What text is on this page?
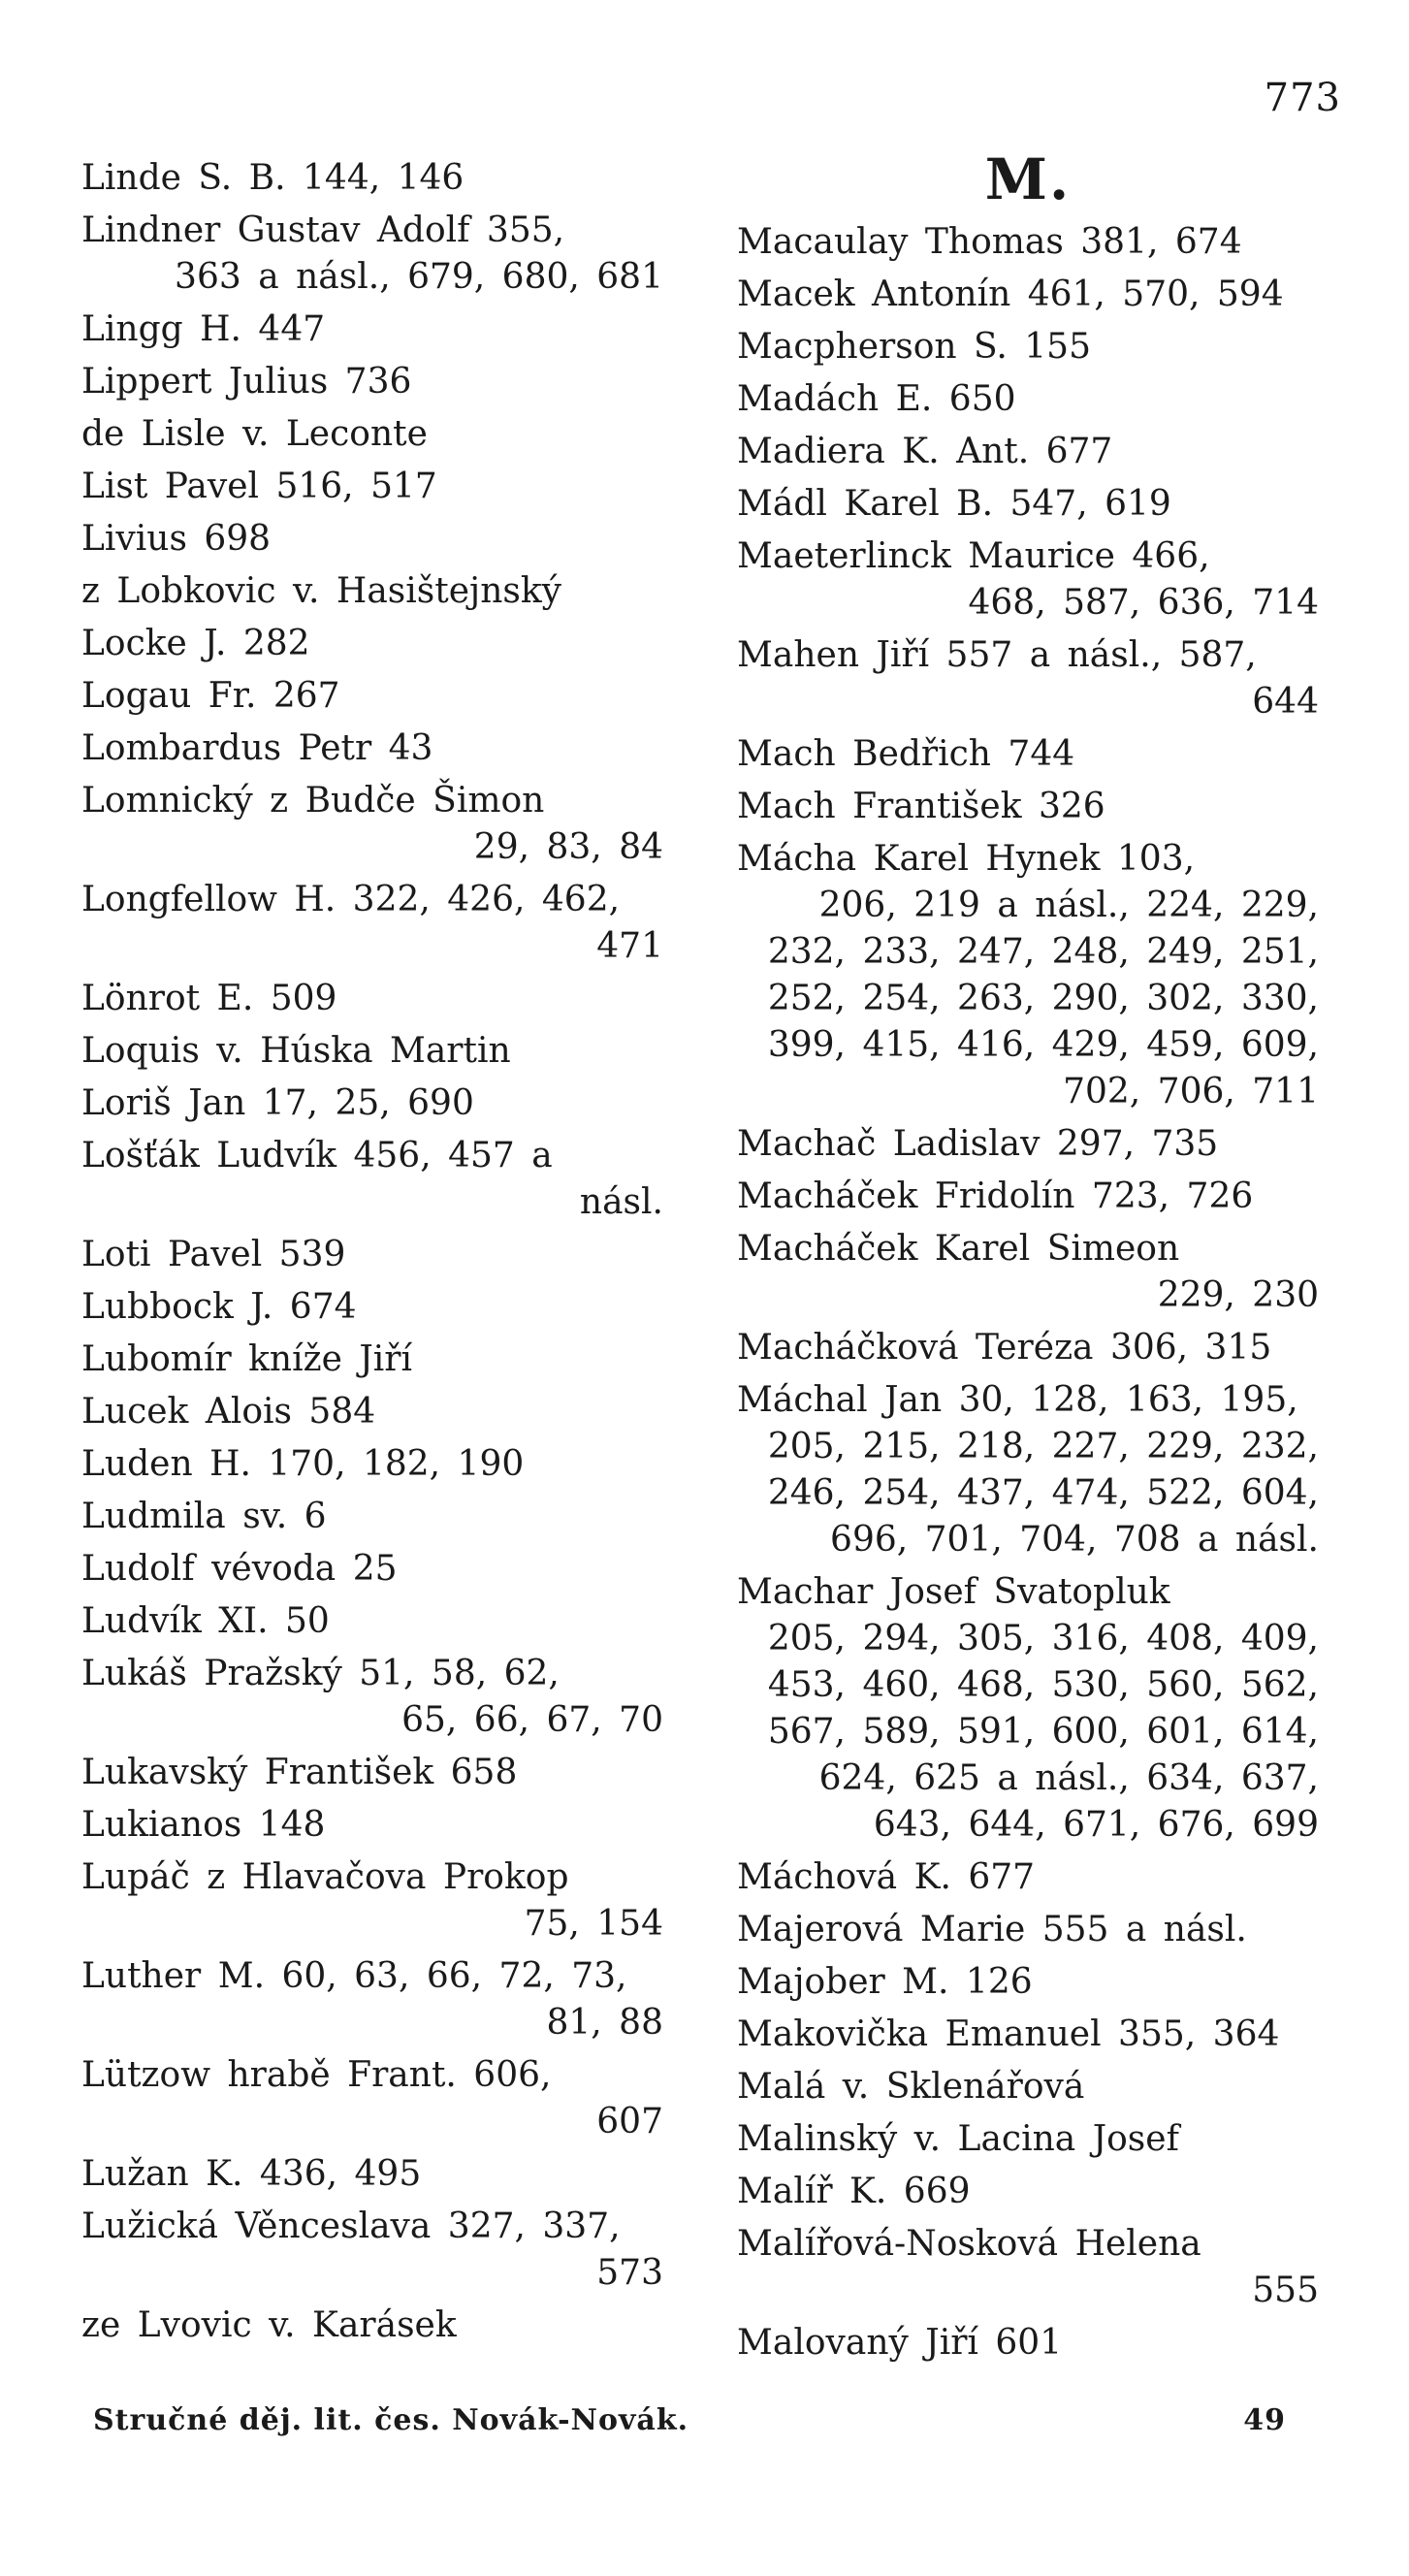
773
Linde S. B. 144, 146
Lindner Gustav Adolf 355,
363 a násl., 679, 680, 681
Lingg H. 447
Lippert Julius 736
de Lisle v. Leconte
List Pavel 516, 517
Livius 698
z Lobkovic v. Hasištejnský
Locke J. 282
Logau Fr. 267
Lombardus Petr 43
Lomnický z Budče Šimon
29, 83, 84
Longfellow H. 322, 426, 462,
471
Lönrot E. 509
Loquis v. Húska Martin
Loriš Jan 17, 25, 690
Lošťák Ludvík 456, 457 a
násl.
Loti Pavel 539
Lubbock J. 674
Lubomír kníže Jiří
Lucek Alois 584
Luden H. 170, 182, 190
Ludmila sv. 6
Ludolf vévoda 25
Ludvík XI. 50
Lukáš Pražský 51, 58, 62,
65, 66, 67, 70
Lukavský František 658
Lukianos 148
Lupáč z Hlavačova Prokop
75, 154
Luther M. 60, 63, 66, 72, 73,
81, 88
Lützow hrabě Frant. 606,
607
Lužan K. 436, 495
Lužická Věnceslava 327, 337,
573
ze Lvovic v. Karásek
M.
Macaulay Thomas 381, 674
Macek Antonín 461, 570, 594
Macpherson S. 155
Madách E. 650
Madiera K. Ant. 677
Mádl Karel B. 547, 619
Maeterlinck Maurice 466,
468, 587, 636, 714
Mahen Jiří 557 a násl., 587,
644
Mach Bedřich 744
Mach František 326
Mácha Karel Hynek 103,
206, 219 a násl., 224, 229, 232, 233, 247, 248, 249, 251, 252, 254, 263, 290, 302, 330, 399, 415, 416, 429, 459, 609, 702, 706, 711
Machač Ladislav 297, 735
Macháček Fridolín 723, 726
Macháček Karel Simeon
229, 230
Macháčková Teréza 306, 315
Máchal Jan 30, 128, 163, 195,
205, 215, 218, 227, 229, 232, 246, 254, 437, 474, 522, 604, 696, 701, 704, 708 a násl.
Machar Josef Svatopluk
205, 294, 305, 316, 408, 409, 453, 460, 468, 530, 560, 562, 567, 589, 591, 600, 601, 614, 624, 625 a násl., 634, 637, 643, 644, 671, 676, 699
Máchová K. 677
Majerová Marie 555 a násl.
Majober M. 126
Makovička Emanuel 355, 364
Malá v. Sklenářová
Malinský v. Lacina Josef
Malíř K. 669
Malířová-Nosková Helena
555
Malovaný Jiří 601
Stručné děj. lit. čes. Novák-Novák.	49
